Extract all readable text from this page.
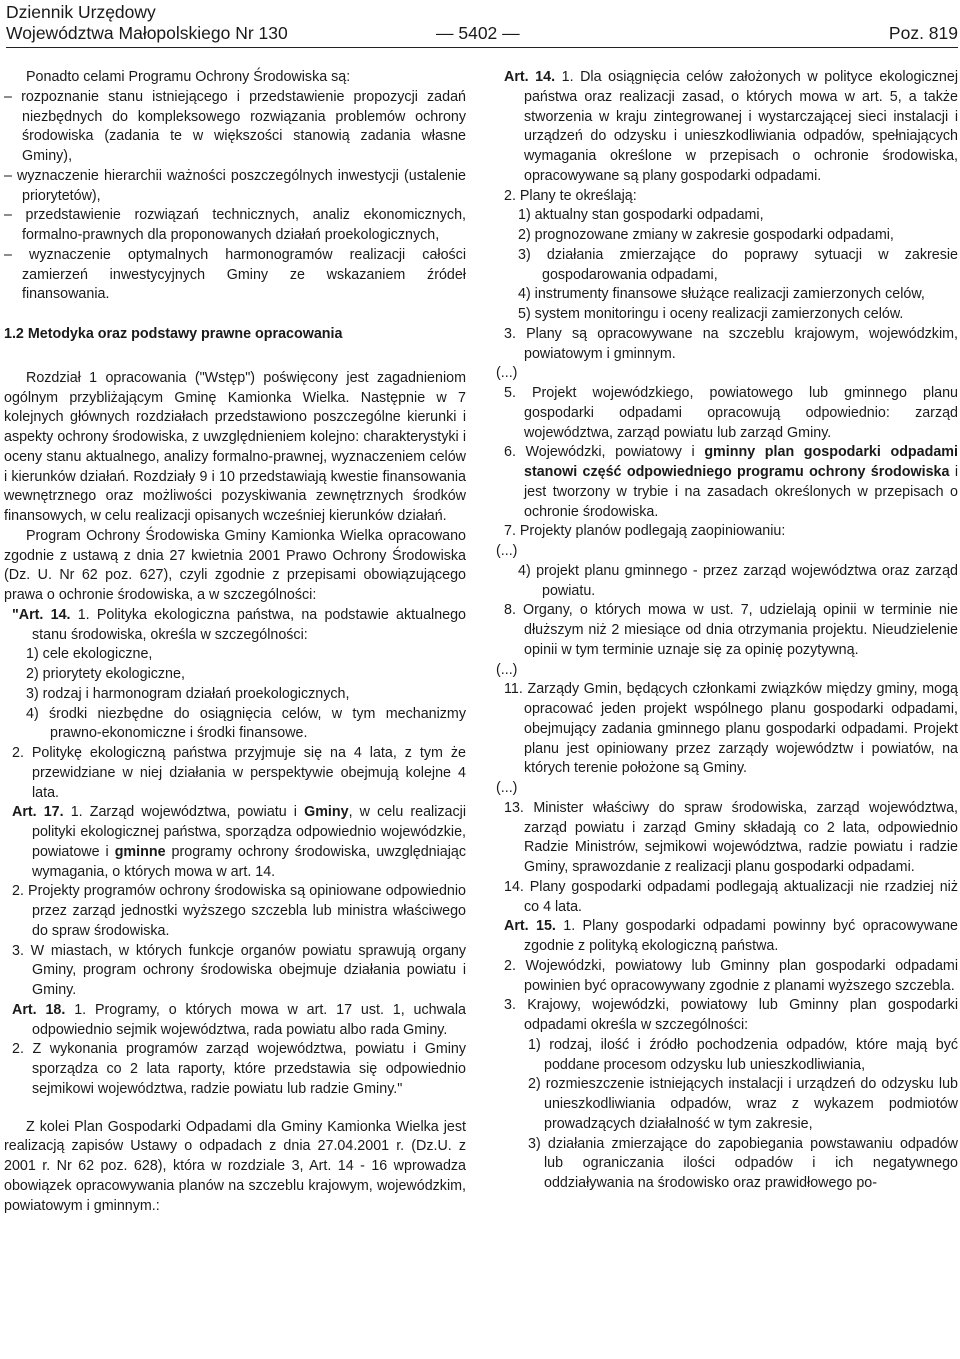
Dziennik Urzędowy
Województwa Małopolskiego Nr 130	— 5402 —	Poz. 819

Ponadto celami Programu Ochrony Środowiska są:

– rozpoznanie stanu istniejącego i przedstawienie propozycji zadań niezbędnych do kompleksowego rozwiązania problemów ochrony środowiska (zadania te w większości stanowią zadania własne Gminy),

– wyznaczenie hierarchii ważności poszczególnych inwestycji (ustalenie priorytetów),

– przedstawienie rozwiązań technicznych, analiz ekonomicznych, formalno-prawnych dla proponowanych działań proekologicznych,

– wyznaczenie optymalnych harmonogramów realizacji całości zamierzeń inwestycyjnych Gminy ze wskazaniem źródeł finansowania.

1.2 Metodyka oraz podstawy prawne opracowania

Rozdział 1 opracowania ("Wstęp") poświęcony jest zagadnieniom ogólnym przybliżającym Gminę Kamionka Wielka. Następnie w 7 kolejnych głównych rozdziałach przedstawiono poszczególne kierunki i aspekty ochrony środowiska, z uwzględnieniem kolejno: charakterystyki i oceny stanu aktualnego, analizy formalno-prawnej, wyznaczeniem celów i kierunków działań. Rozdziały 9 i 10 przedstawiają kwestie finansowania wewnętrznego oraz możliwości pozyskiwania zewnętrznych środków finansowych, w celu realizacji opisanych wcześniej kierunków działań.

Program Ochrony Środowiska Gminy Kamionka Wielka opracowano zgodnie z ustawą z dnia 27 kwietnia 2001 Prawo Ochrony Środowiska (Dz. U. Nr 62 poz. 627), czyli zgodnie z przepisami obowiązującego prawa o ochronie środowiska, a w szczególności:

"Art. 14. 1. Polityka ekologiczna państwa, na podstawie aktualnego stanu środowiska, określa w szczególności:

1) cele ekologiczne,

2) priorytety ekologiczne,

3) rodzaj i harmonogram działań proekologicznych,

4) środki niezbędne do osiągnięcia celów, w tym mechanizmy prawno-ekonomiczne i środki finansowe.

2. Politykę ekologiczną państwa przyjmuje się na 4 lata, z tym że przewidziane w niej działania w perspektywie obejmują kolejne 4 lata.

Art. 17. 1. Zarząd województwa, powiatu i Gminy, w celu realizacji polityki ekologicznej państwa, sporządza odpowiednio wojewódzkie, powiatowe i gminne programy ochrony środowiska, uwzględniając wymagania, o których mowa w art. 14.

2. Projekty programów ochrony środowiska są opiniowane odpowiednio przez zarząd jednostki wyższego szczebla lub ministra właściwego do spraw środowiska.

3. W miastach, w których funkcje organów powiatu sprawują organy Gminy, program ochrony środowiska obejmuje działania powiatu i Gminy.

Art. 18. 1. Programy, o których mowa w art. 17 ust. 1, uchwala odpowiednio sejmik województwa, rada powiatu albo rada Gminy.

2. Z wykonania programów zarząd województwa, powiatu i Gminy sporządza co 2 lata raporty, które przedstawia się odpowiednio sejmikowi województwa, radzie powiatu lub radzie Gminy."

Z kolei Plan Gospodarki Odpadami dla Gminy Kamionka Wielka jest realizacją zapisów Ustawy o odpadach z dnia 27.04.2001 r. (Dz.U. z 2001 r. Nr 62 poz. 628), która w rozdziale 3, Art. 14 - 16 wprowadza obowiązek opracowywania planów na szczeblu krajowym, wojewódzkim, powiatowym i gminnym.:

Art. 14. 1. Dla osiągnięcia celów założonych w polityce ekologicznej państwa oraz realizacji zasad, o których mowa w art. 5, a także stworzenia w kraju zintegrowanej i wystarczającej sieci instalacji i urządzeń do odzysku i unieszkodliwiania odpadów, spełniających wymagania określone w przepisach o ochronie środowiska, opracowywane są plany gospodarki odpadami.

2. Plany te określają:

1) aktualny stan gospodarki odpadami,

2) prognozowane zmiany w zakresie gospodarki odpadami,

3) działania zmierzające do poprawy sytuacji w zakresie gospodarowania odpadami,

4) instrumenty finansowe służące realizacji zamierzonych celów,

5) system monitoringu i oceny realizacji zamierzonych celów.

3. Plany są opracowywane na szczeblu krajowym, wojewódzkim, powiatowym i gminnym.

(...)

5. Projekt wojewódzkiego, powiatowego lub gminnego planu gospodarki odpadami opracowują odpowiednio: zarząd województwa, zarząd powiatu lub zarząd Gminy.

6. Wojewódzki, powiatowy i gminny plan gospodarki odpadami stanowi część odpowiedniego programu ochrony środowiska i jest tworzony w trybie i na zasadach określonych w przepisach o ochronie środowiska.

7. Projekty planów podlegają zaopiniowaniu:

(...)

4) projekt planu gminnego - przez zarząd województwa oraz zarząd powiatu.

8. Organy, o których mowa w ust. 7, udzielają opinii w terminie nie dłuższym niż 2 miesiące od dnia otrzymania projektu. Nieudzielenie opinii w tym terminie uznaje się za opinię pozytywną.

(...)

11. Zarządy Gmin, będących członkami związków między gminy, mogą opracować jeden projekt wspólnego planu gospodarki odpadami, obejmujący zadania gminnego planu gospodarki odpadami. Projekt planu jest opiniowany przez zarządy województw i powiatów, na których terenie położone są Gminy.

(...)

13. Minister właściwy do spraw środowiska, zarząd województwa, zarząd powiatu i zarząd Gminy składają co 2 lata, odpowiednio Radzie Ministrów, sejmikowi województwa, radzie powiatu i radzie Gminy, sprawozdanie z realizacji planu gospodarki odpadami.

14. Plany gospodarki odpadami podlegają aktualizacji nie rzadziej niż co 4 lata.

Art. 15. 1. Plany gospodarki odpadami powinny być opracowywane zgodnie z polityką ekologiczną państwa.

2. Wojewódzki, powiatowy lub Gminny plan gospodarki odpadami powinien być opracowywany zgodnie z planami wyższego szczebla.

3. Krajowy, wojewódzki, powiatowy lub Gminny plan gospodarki odpadami określa w szczególności:

1) rodzaj, ilość i źródło pochodzenia odpadów, które mają być poddane procesom odzysku lub unieszkodliwiania,

2) rozmieszczenie istniejących instalacji i urządzeń do odzysku lub unieszkodliwiania odpadów, wraz z wykazem podmiotów prowadzących działalność w tym zakresie,

3) działania zmierzające do zapobiegania powstawaniu odpadów lub ograniczania ilości odpadów i ich negatywnego oddziaływania na środowisko oraz prawidłowego po-
